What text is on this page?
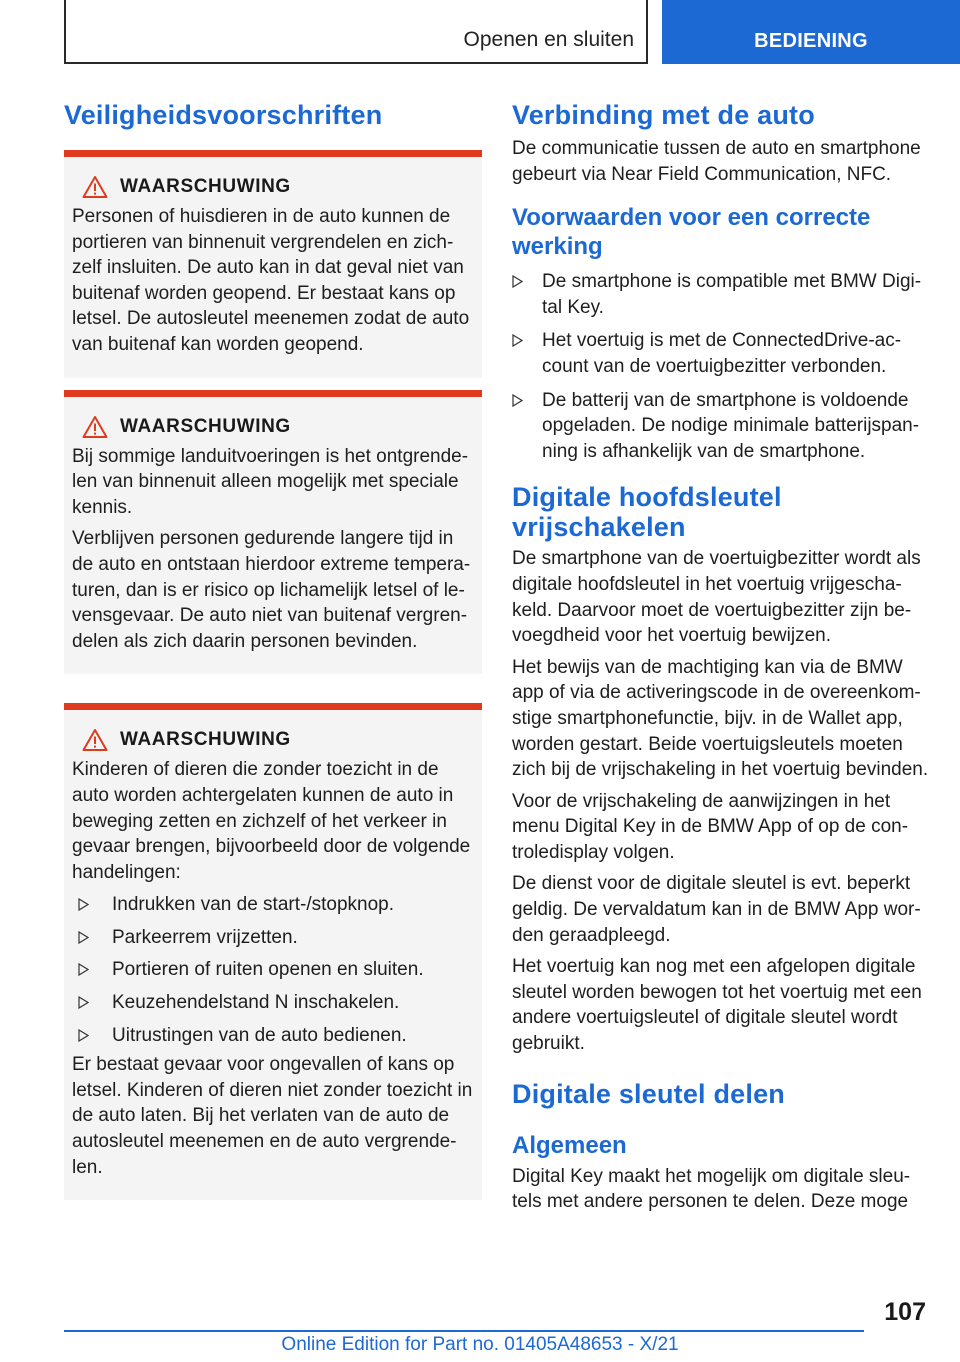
Openen en sluiten	BEDIENING
Veiligheidsvoorschriften
WAARSCHUWING

Personen of huisdieren in de auto kunnen de portieren van binnenuit vergrendelen en zichzelf insluiten. De auto kan in dat geval niet van buitenaf worden geopend. Er bestaat kans op letsel. De autosleutel meenemen zodat de auto van buitenaf kan worden geopend.

WAARSCHUWING

Bij sommige landuitvoeringen is het ontgrendelen van binnenuit alleen mogelijk met speciale kennis.

Verblijven personen gedurende langere tijd in de auto en ontstaan hierdoor extreme temperaturen, dan is er risico op lichamelijk letsel of levensgevaar. De auto niet van buitenaf vergrendelen als zich daarin personen bevinden.

WAARSCHUWING

Kinderen of dieren die zonder toezicht in de auto worden achtergelaten kunnen de auto in beweging zetten en zichzelf of het verkeer in gevaar brengen, bijvoorbeeld door de volgende handelingen:

Indrukken van de start-/stopknop.
Parkeerrem vrijzetten.
Portieren of ruiten openen en sluiten.
Keuzehendelstand N inschakelen.
Uitrustingen van de auto bedienen.

Er bestaat gevaar voor ongevallen of kans op letsel. Kinderen of dieren niet zonder toezicht in de auto laten. Bij het verlaten van de auto de autosleutel meenemen en de auto vergrendelen.

Verbinding met de auto

De communicatie tussen de auto en smartphone gebeurt via Near Field Communication, NFC.

Voorwaarden voor een correcte werking
De smartphone is compatible met BMW Digital Key.
Het voertuig is met de ConnectedDrive-account van de voertuigbezitter verbonden.
De batterij van de smartphone is voldoende opgeladen. De nodige minimale batterijspanning is afhankelijk van de smartphone.
Digitale hoofdsleutel vrijschakelen

De smartphone van de voertuigbezitter wordt als digitale hoofdsleutel in het voertuig vrijgeschakeld. Daarvoor moet de voertuigbezitter zijn bevoegdheid voor het voertuig bewijzen.

Het bewijs van de machtiging kan via de BMW app of via de activeringscode in de overeenkomstige smartphonefunctie, bijv. in de Wallet app, worden gestart. Beide voertuigsleutels moeten zich bij de vrijschakeling in het voertuig bevinden.

Voor de vrijschakeling de aanwijzingen in het menu Digital Key in de BMW App of op de controledisplay volgen.

De dienst voor de digitale sleutel is evt. beperkt geldig. De vervaldatum kan in de BMW App worden geraadpleegd.

Het voertuig kan nog met een afgelopen digitale sleutel worden bewogen tot het voertuig met een andere voertuigsleutel of digitale sleutel wordt gebruikt.

Digitale sleutel delen
Algemeen

Digital Key maakt het mogelijk om digitale sleutels met andere personen te delen. Deze moge

107
Online Edition for Part no. 01405A48653 - X/21
